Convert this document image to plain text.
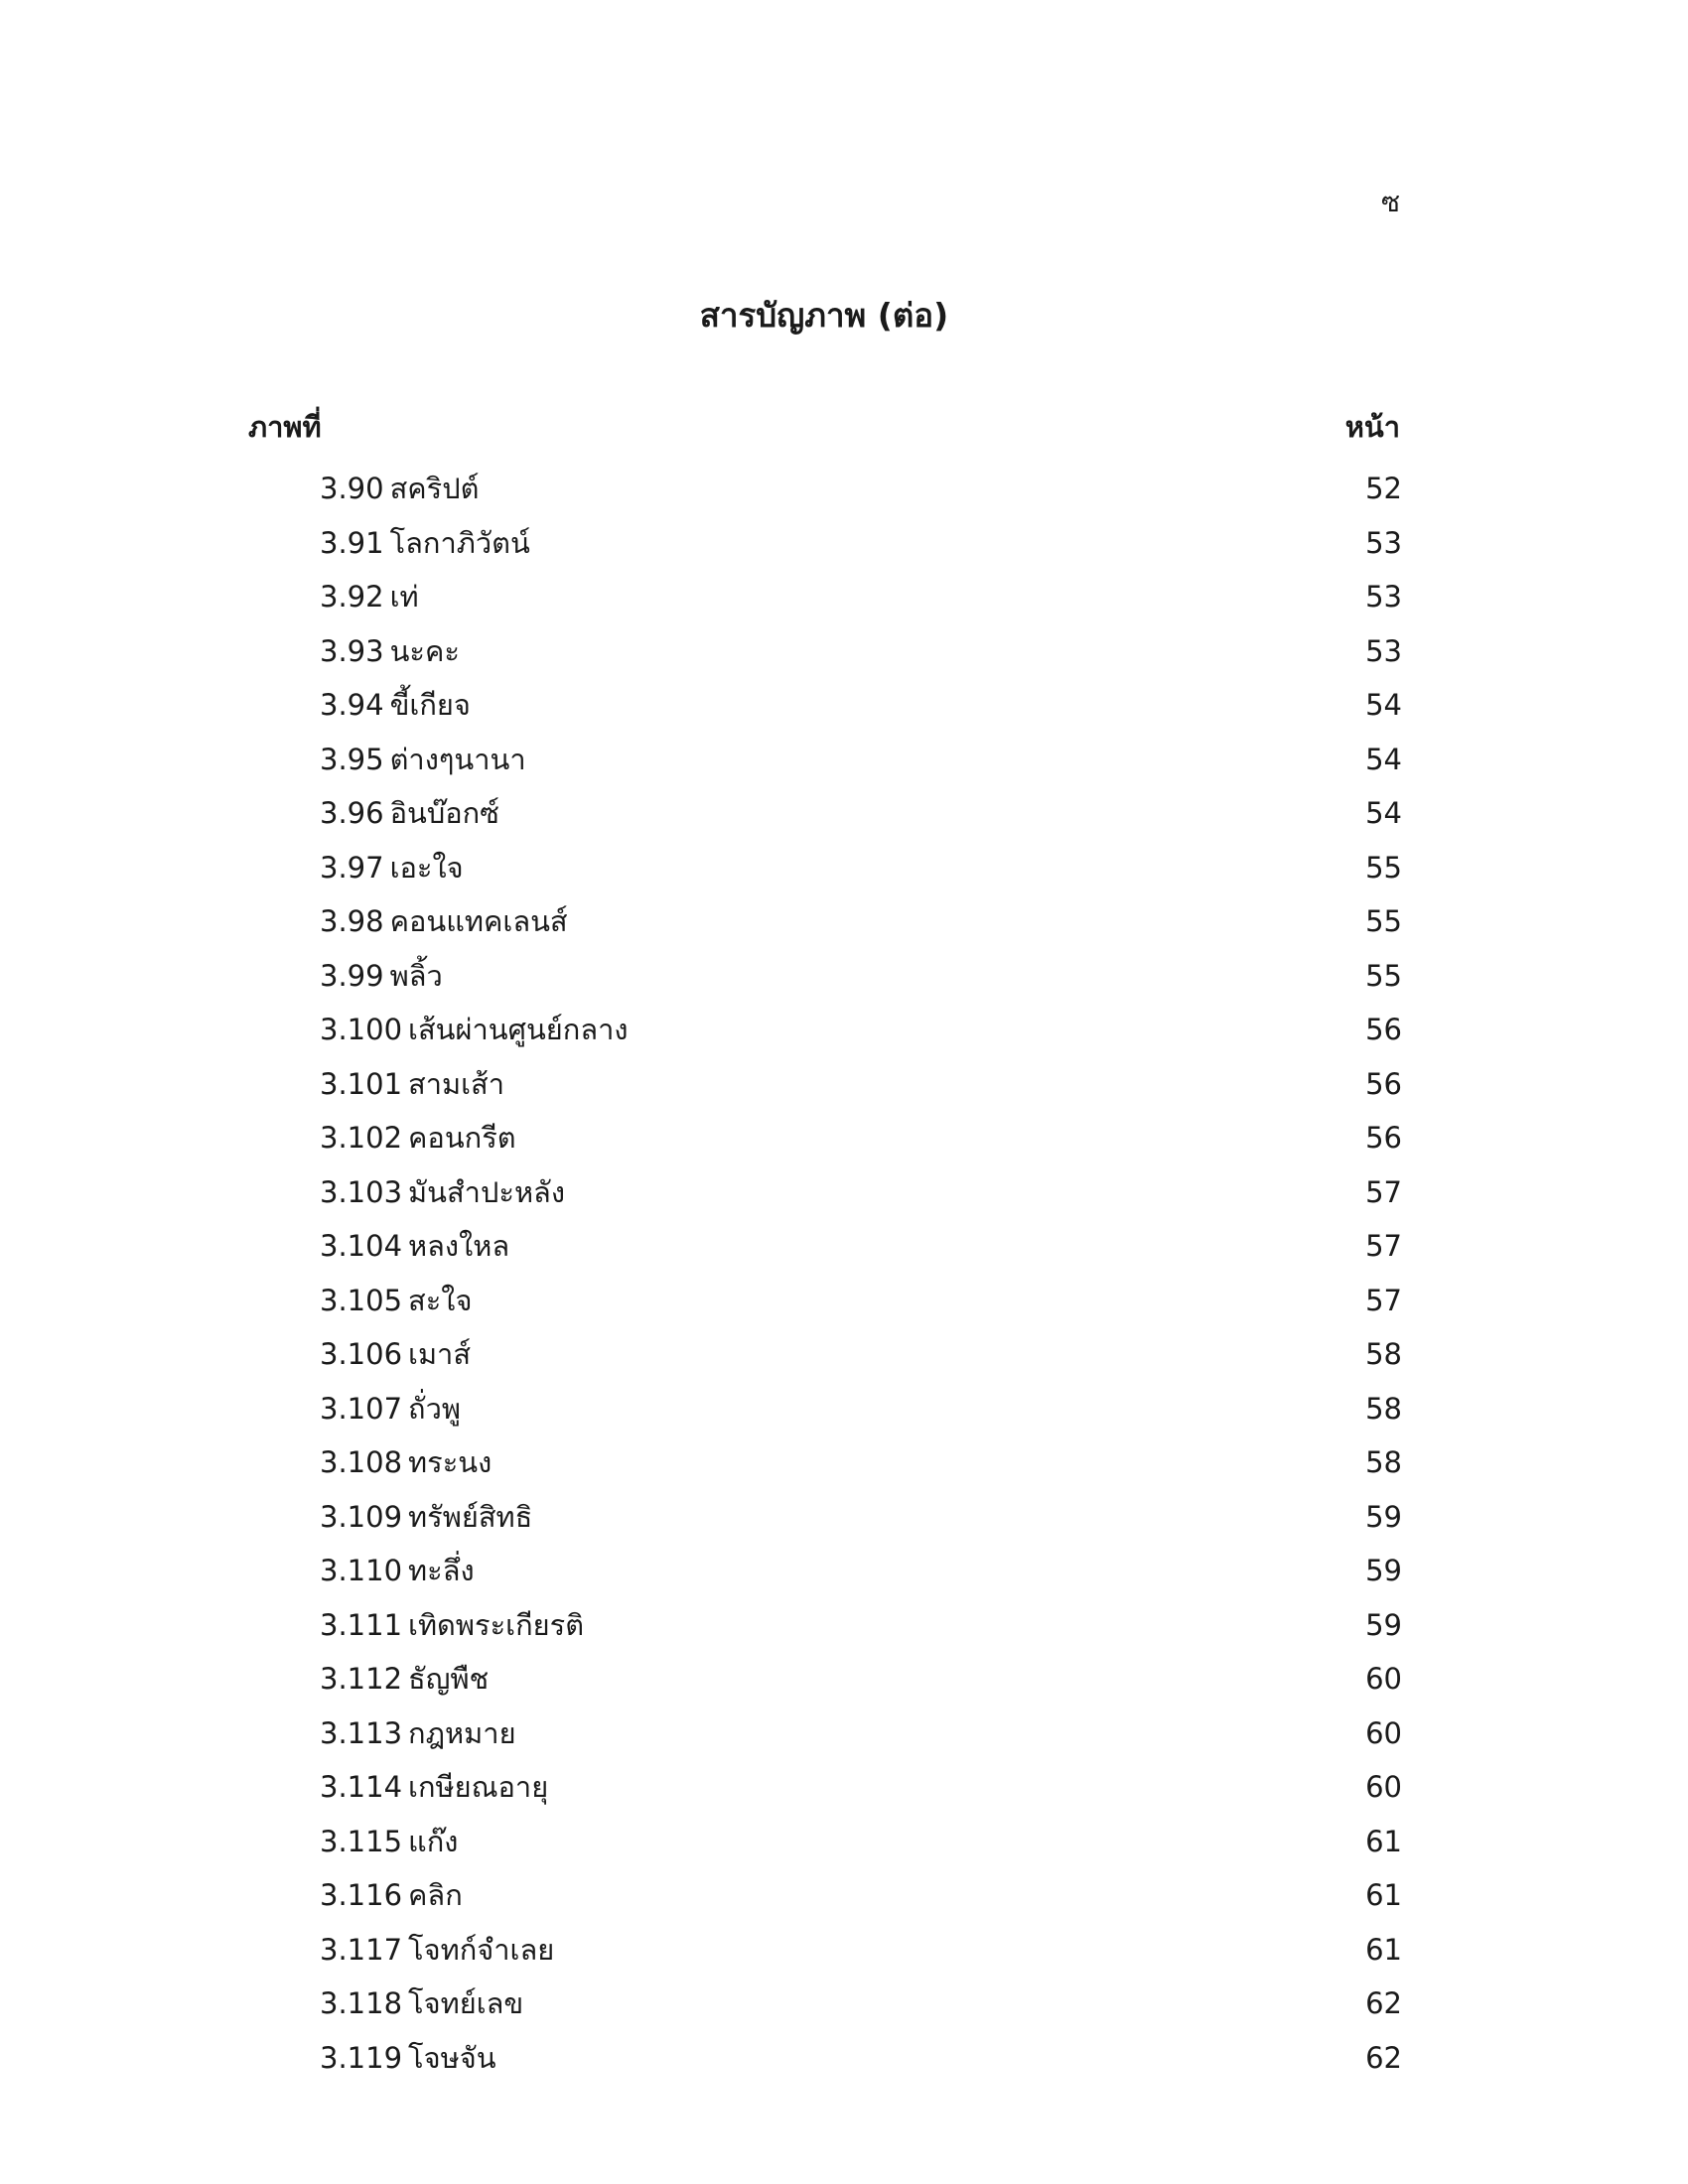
ซ
สารบัญภาพ (ต่อ)
ภาพที่	หน้า
3.90 สคริปต์	52
3.91 โลกาภิวัตน์	53
3.92 เท่	53
3.93 นะคะ	53
3.94 ขี้เกียจ	54
3.95 ต่างๆนานา	54
3.96 อินบ๊อกซ์	54
3.97 เอะใจ	55
3.98 คอนแทคเลนส์	55
3.99 พลิ้ว	55
3.100 เส้นผ่านศูนย์กลาง	56
3.101 สามเส้า	56
3.102 คอนกรีต	56
3.103 มันสำปะหลัง	57
3.104 หลงใหล	57
3.105 สะใจ	57
3.106 เมาส์	58
3.107 ถั่วพู	58
3.108 ทระนง	58
3.109 ทรัพย์สิทธิ	59
3.110 ทะลึ่ง	59
3.111 เทิดพระเกียรติ	59
3.112 ธัญพืช	60
3.113 กฎหมาย	60
3.114 เกษียณอายุ	60
3.115 แก๊ง	61
3.116 คลิก	61
3.117 โจทก์จำเลย	61
3.118 โจทย์เลข	62
3.119 โจษจัน	62
